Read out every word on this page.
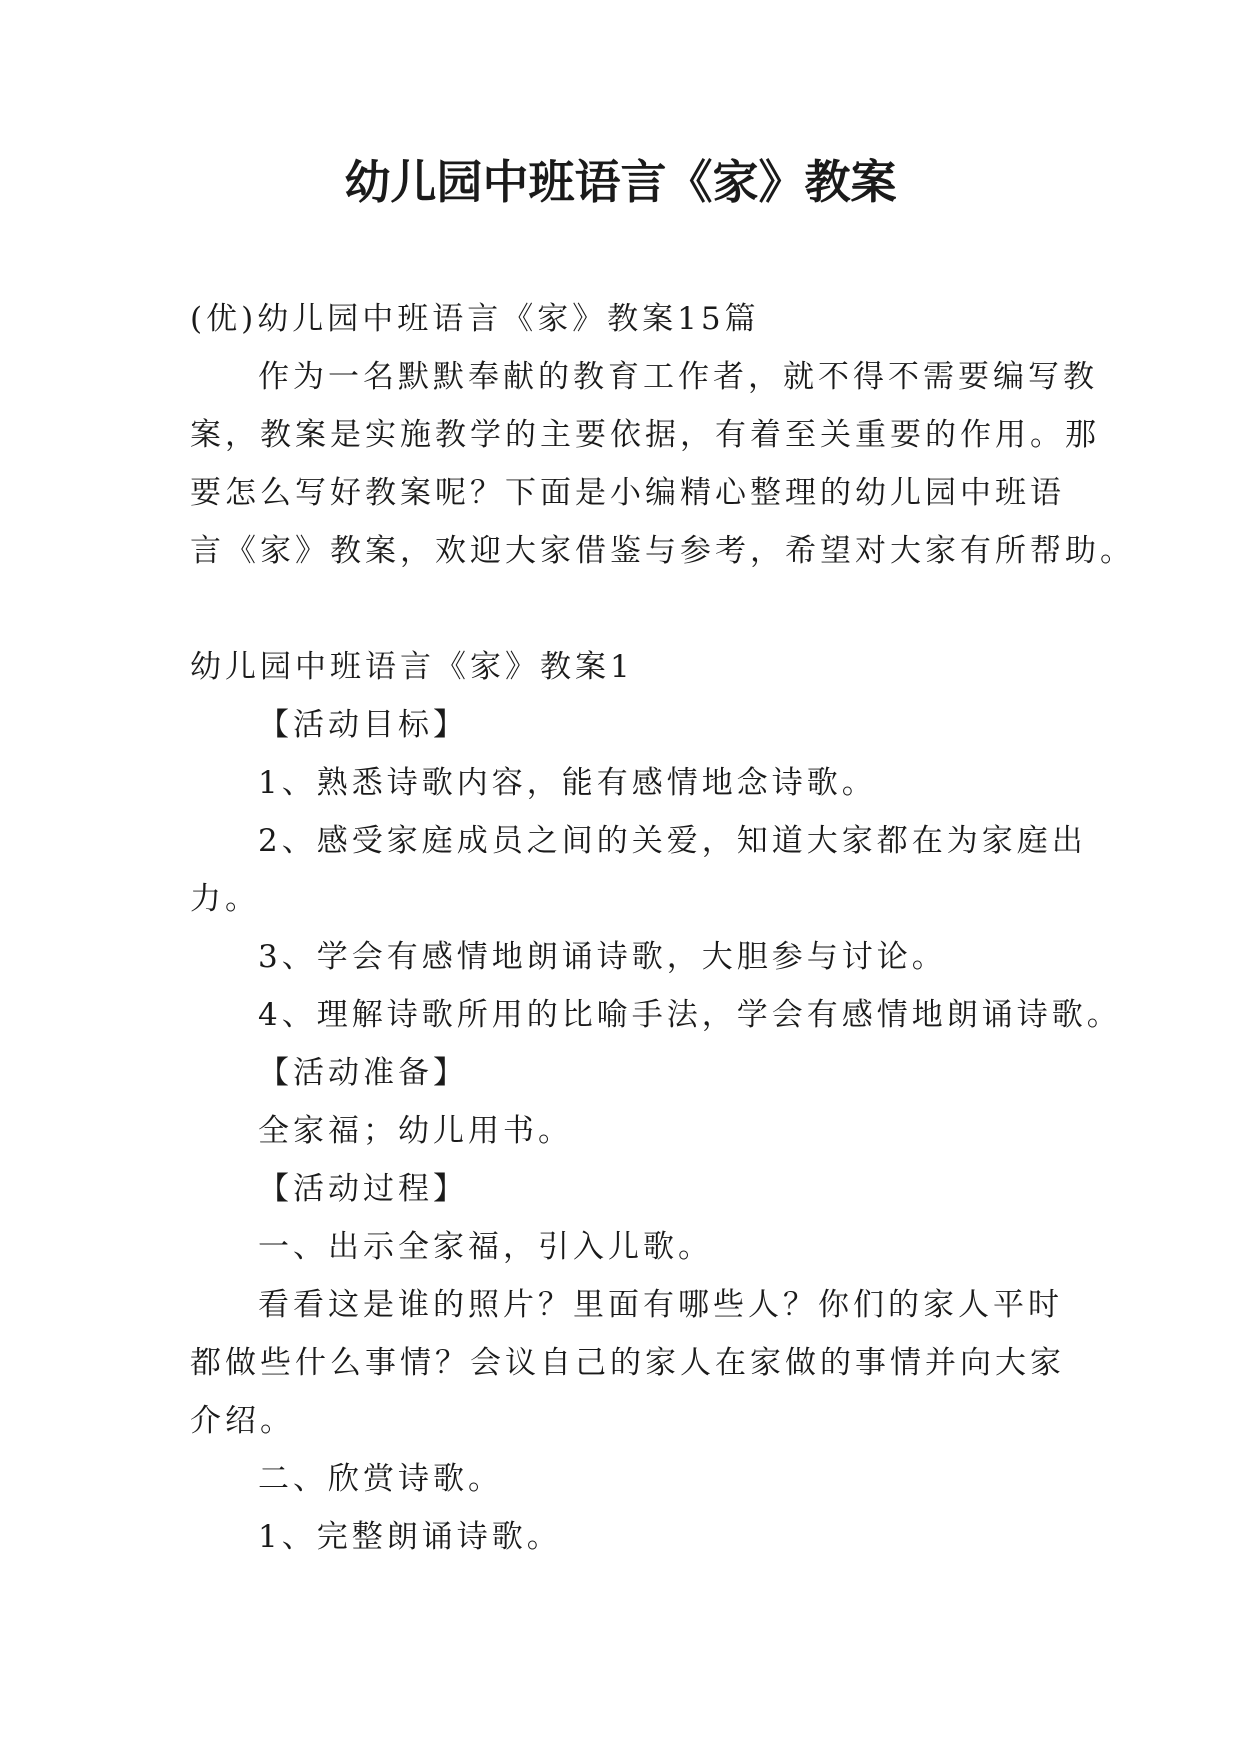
幼儿园中班语言《家》教案

(优)幼儿园中班语言《家》教案15篇

作为一名默默奉献的教育工作者，就不得不需要编写教

案，教案是实施教学的主要依据，有着至关重要的作用。那

要怎么写好教案呢？下面是小编精心整理的幼儿园中班语

言《家》教案，欢迎大家借鉴与参考，希望对大家有所帮助。

幼儿园中班语言《家》教案1

【活动目标】

1、熟悉诗歌内容，能有感情地念诗歌。

2、感受家庭成员之间的关爱，知道大家都在为家庭出

力。

3、学会有感情地朗诵诗歌，大胆参与讨论。

4、理解诗歌所用的比喻手法，学会有感情地朗诵诗歌。

【活动准备】

全家福；幼儿用书。

【活动过程】

一、出示全家福，引入儿歌。

看看这是谁的照片？里面有哪些人？你们的家人平时

都做些什么事情？会议自己的家人在家做的事情并向大家

介绍。

二、欣赏诗歌。

1、完整朗诵诗歌。
